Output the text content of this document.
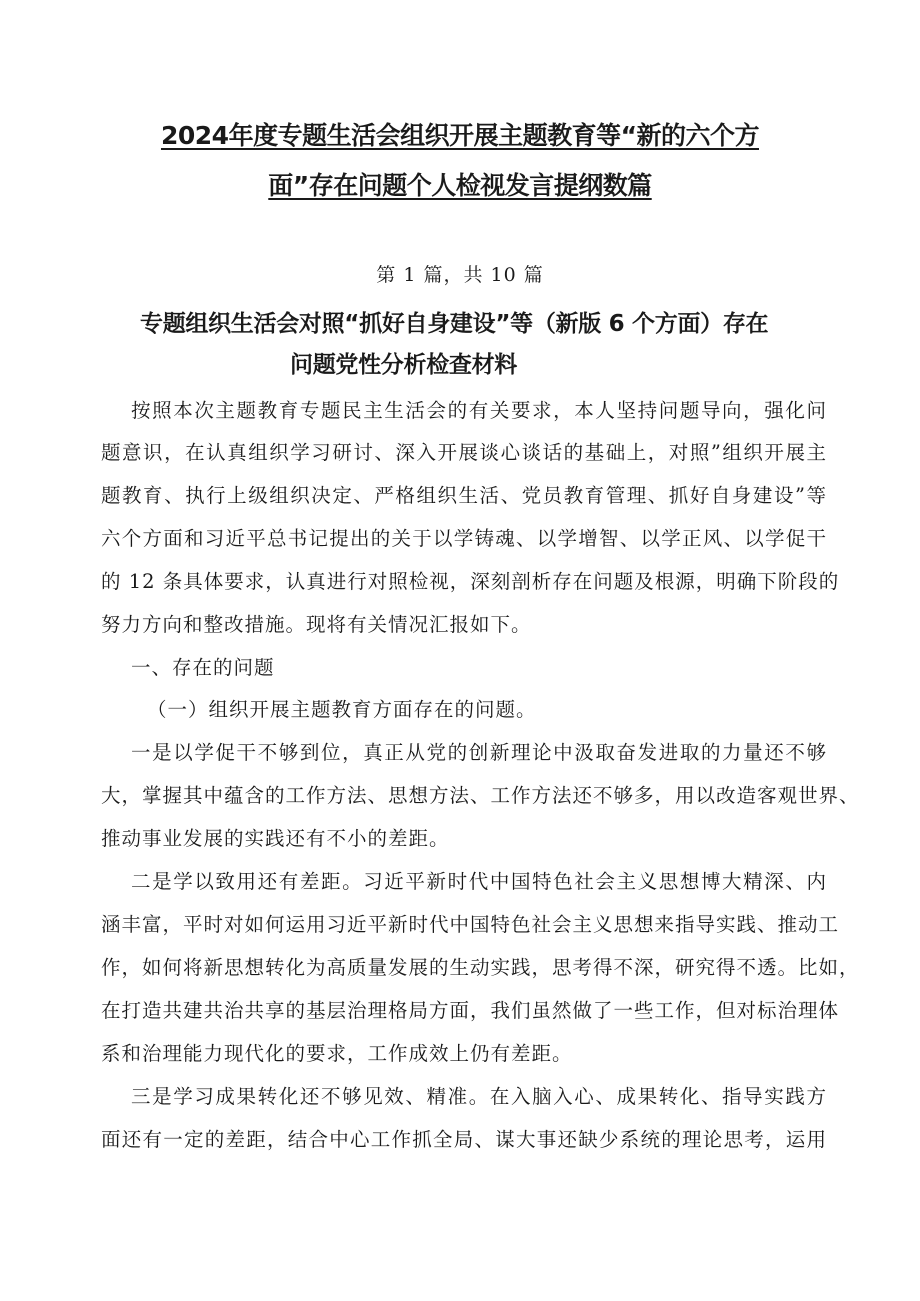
2024年度专题生活会组织开展主题教育等“新的六个方
面”存在问题个人检视发言提纲数篇
第 1 篇，共 10 篇
专题组织生活会对照“抓好自身建设”等（新版 6 个方面）存在
问题党性分析检查材料
按照本次主题教育专题民主生活会的有关要求，本人坚持问题导向，强化问
题意识，在认真组织学习研讨、深入开展谈心谈话的基础上，对照”组织开展主
题教育、执行上级组织决定、严格组织生活、党员教育管理、抓好自身建设”等
六个方面和习近平总书记提出的关于以学铸魂、以学增智、以学正风、以学促干
的 12 条具体要求，认真进行对照检视，深刻剖析存在问题及根源，明确下阶段的
努力方向和整改措施。现将有关情况汇报如下。
一、存在的问题
（一）组织开展主题教育方面存在的问题。
一是以学促干不够到位，真正从党的创新理论中汲取奋发进取的力量还不够
大，掌握其中蕴含的工作方法、思想方法、工作方法还不够多，用以改造客观世界、
推动事业发展的实践还有不小的差距。
二是学以致用还有差距。习近平新时代中国特色社会主义思想博大精深、内
涵丰富，平时对如何运用习近平新时代中国特色社会主义思想来指导实践、推动工
作，如何将新思想转化为高质量发展的生动实践，思考得不深，研究得不透。比如，
在打造共建共治共享的基层治理格局方面，我们虽然做了一些工作，但对标治理体
系和治理能力现代化的要求，工作成效上仍有差距。
三是学习成果转化还不够见效、精准。在入脑入心、成果转化、指导实践方
面还有一定的差距，结合中心工作抓全局、谋大事还缺少系统的理论思考，运用
